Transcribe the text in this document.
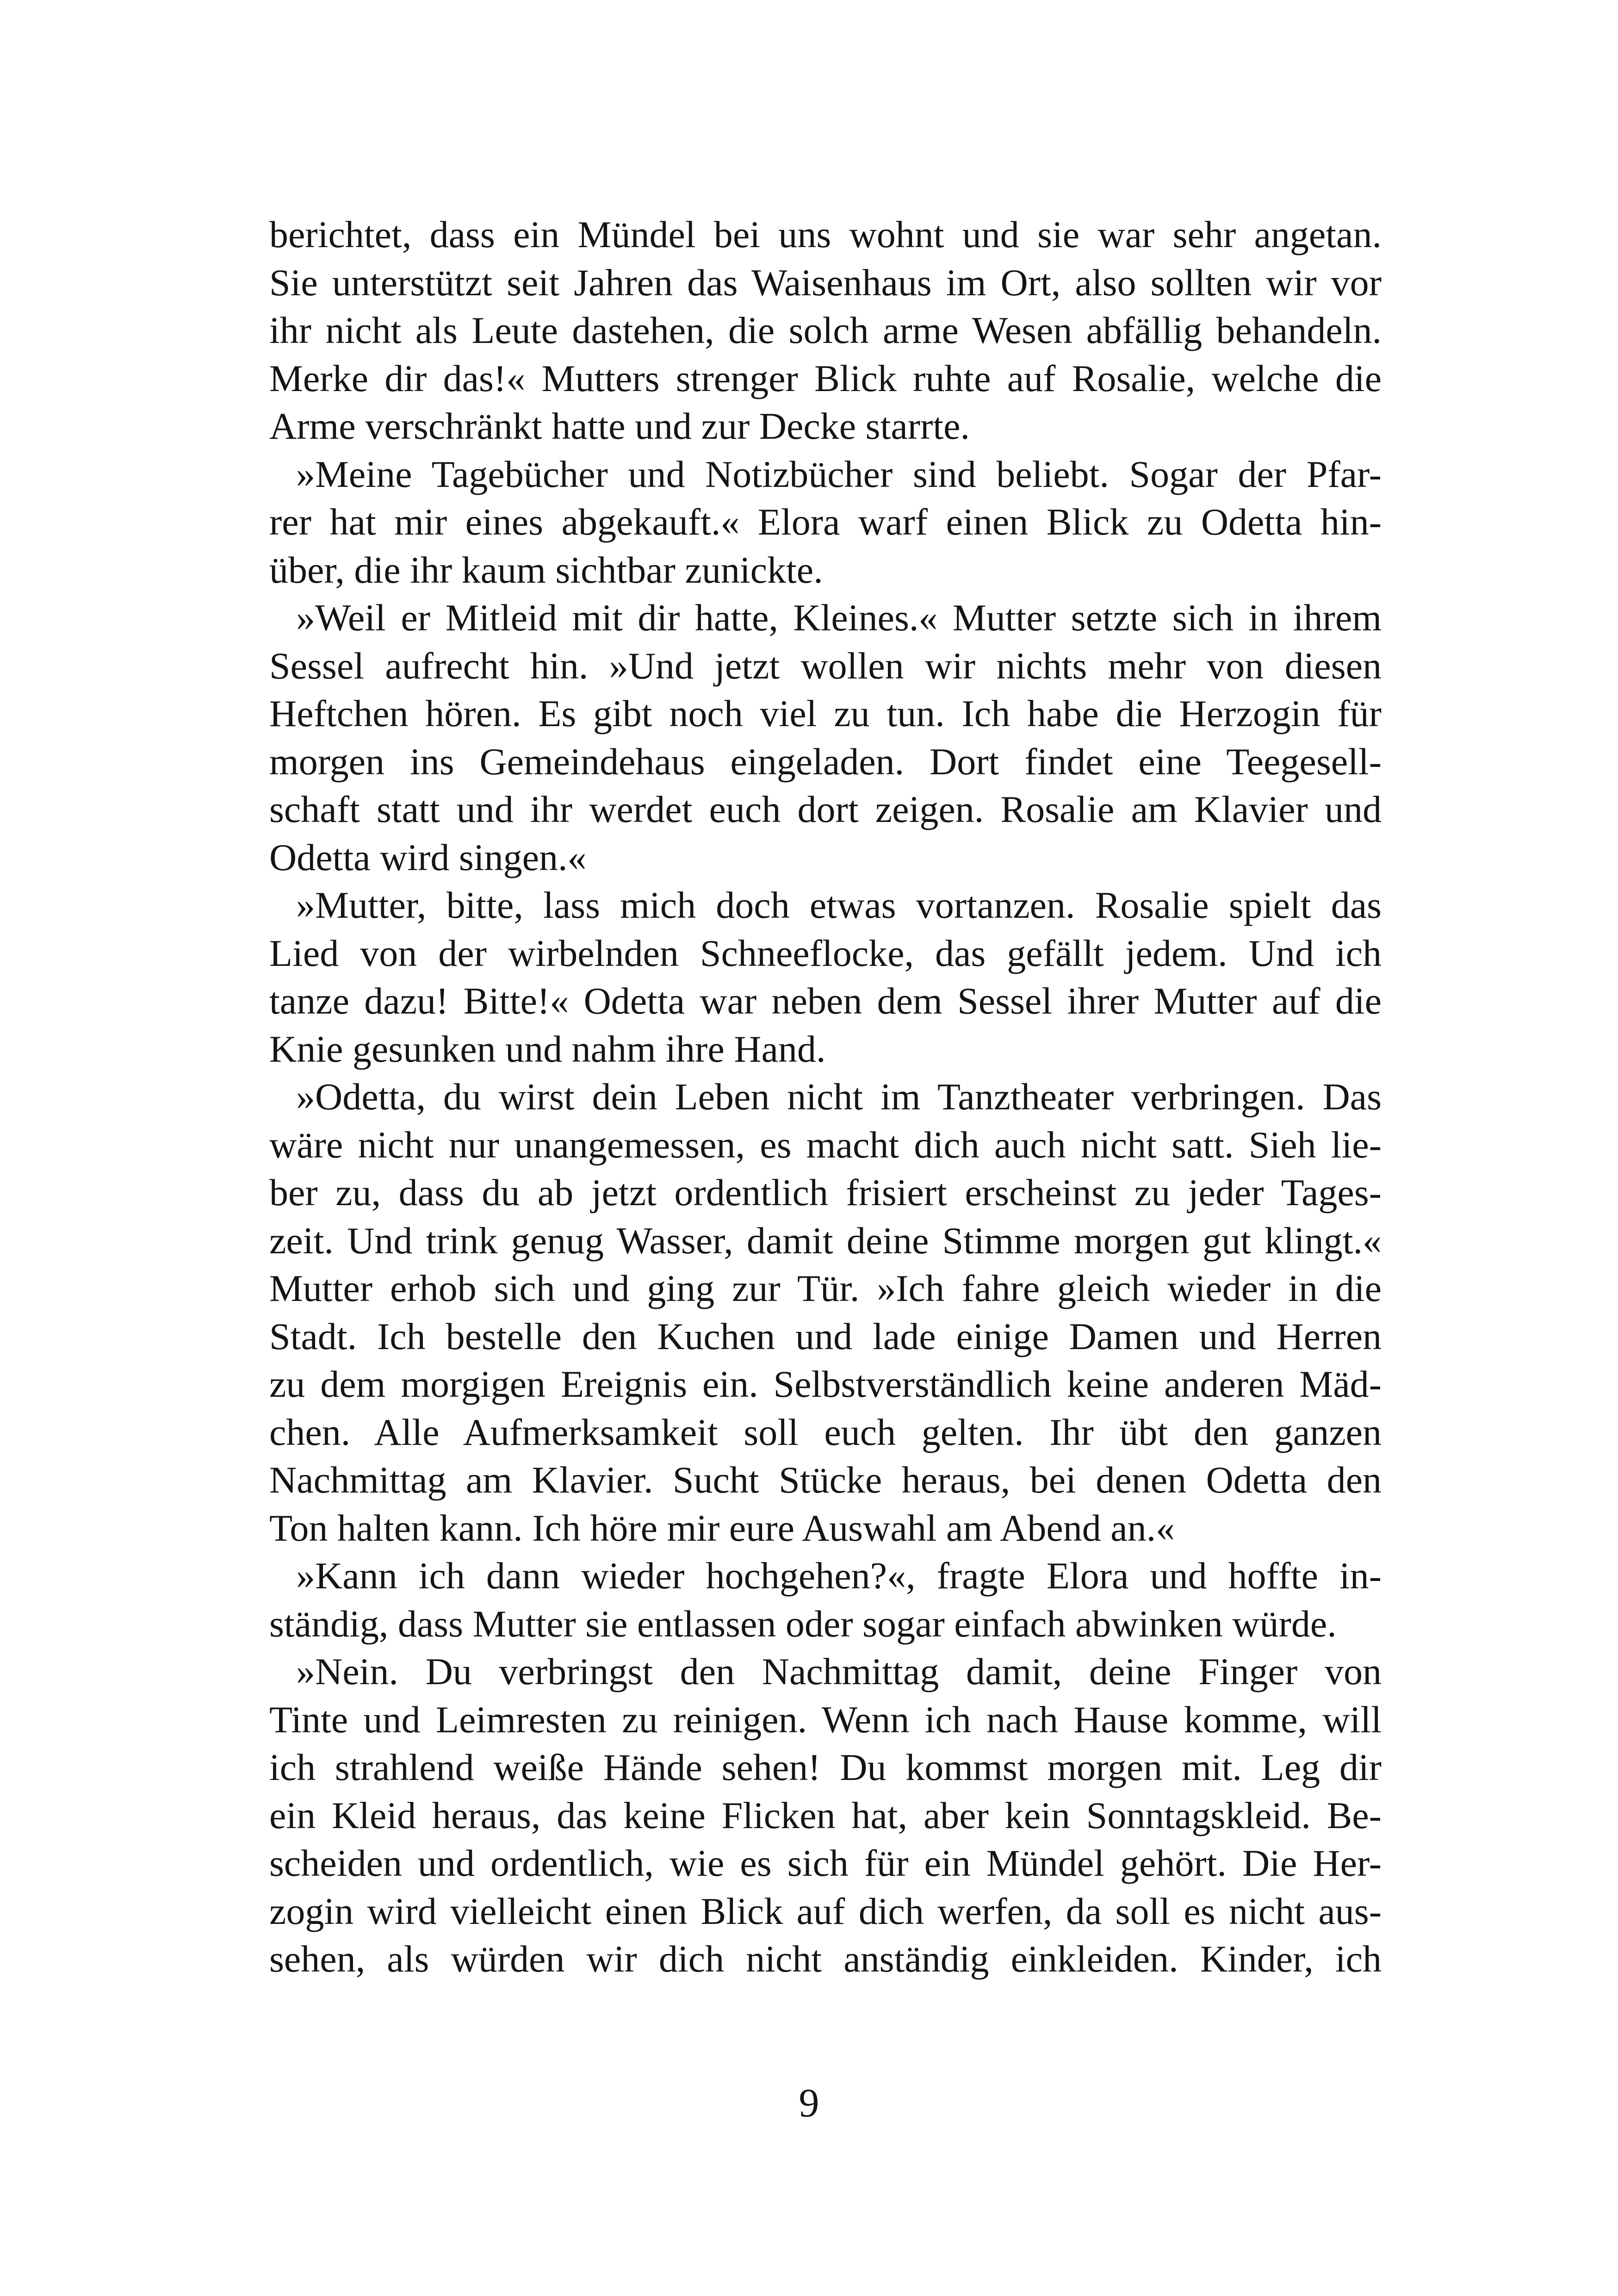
berichtet, dass ein Mündel bei uns wohnt und sie war sehr angetan.
Sie unterstützt seit Jahren das Waisenhaus im Ort, also sollten wir vor
ihr nicht als Leute dastehen, die solch arme Wesen abfällig behandeln.
Merke dir das!« Mutters strenger Blick ruhte auf Rosalie, welche die
Arme verschränkt hatte und zur Decke starrte.
»Meine Tagebücher und Notizbücher sind beliebt. Sogar der Pfar-
rer hat mir eines abgekauft.« Elora warf einen Blick zu Odetta hin-
über, die ihr kaum sichtbar zunickte.
»Weil er Mitleid mit dir hatte, Kleines.« Mutter setzte sich in ihrem
Sessel aufrecht hin. »Und jetzt wollen wir nichts mehr von diesen
Heftchen hören. Es gibt noch viel zu tun. Ich habe die Herzogin für
morgen ins Gemeindehaus eingeladen. Dort findet eine Teegesell-
schaft statt und ihr werdet euch dort zeigen. Rosalie am Klavier und
Odetta wird singen.«
»Mutter, bitte, lass mich doch etwas vortanzen. Rosalie spielt das
Lied von der wirbelnden Schneeflocke, das gefällt jedem. Und ich
tanze dazu! Bitte!« Odetta war neben dem Sessel ihrer Mutter auf die
Knie gesunken und nahm ihre Hand.
»Odetta, du wirst dein Leben nicht im Tanztheater verbringen. Das
wäre nicht nur unangemessen, es macht dich auch nicht satt. Sieh lie-
ber zu, dass du ab jetzt ordentlich frisiert erscheinst zu jeder Tages-
zeit. Und trink genug Wasser, damit deine Stimme morgen gut klingt.«
Mutter erhob sich und ging zur Tür. »Ich fahre gleich wieder in die
Stadt. Ich bestelle den Kuchen und lade einige Damen und Herren
zu dem morgigen Ereignis ein. Selbstverständlich keine anderen Mäd-
chen. Alle Aufmerksamkeit soll euch gelten. Ihr übt den ganzen
Nachmittag am Klavier. Sucht Stücke heraus, bei denen Odetta den
Ton halten kann. Ich höre mir eure Auswahl am Abend an.«
»Kann ich dann wieder hochgehen?«, fragte Elora und hoffte in-
ständig, dass Mutter sie entlassen oder sogar einfach abwinken würde.
»Nein. Du verbringst den Nachmittag damit, deine Finger von
Tinte und Leimresten zu reinigen. Wenn ich nach Hause komme, will
ich strahlend weiße Hände sehen! Du kommst morgen mit. Leg dir
ein Kleid heraus, das keine Flicken hat, aber kein Sonntagskleid. Be-
scheiden und ordentlich, wie es sich für ein Mündel gehört. Die Her-
zogin wird vielleicht einen Blick auf dich werfen, da soll es nicht aus-
sehen, als würden wir dich nicht anständig einkleiden. Kinder, ich
9
